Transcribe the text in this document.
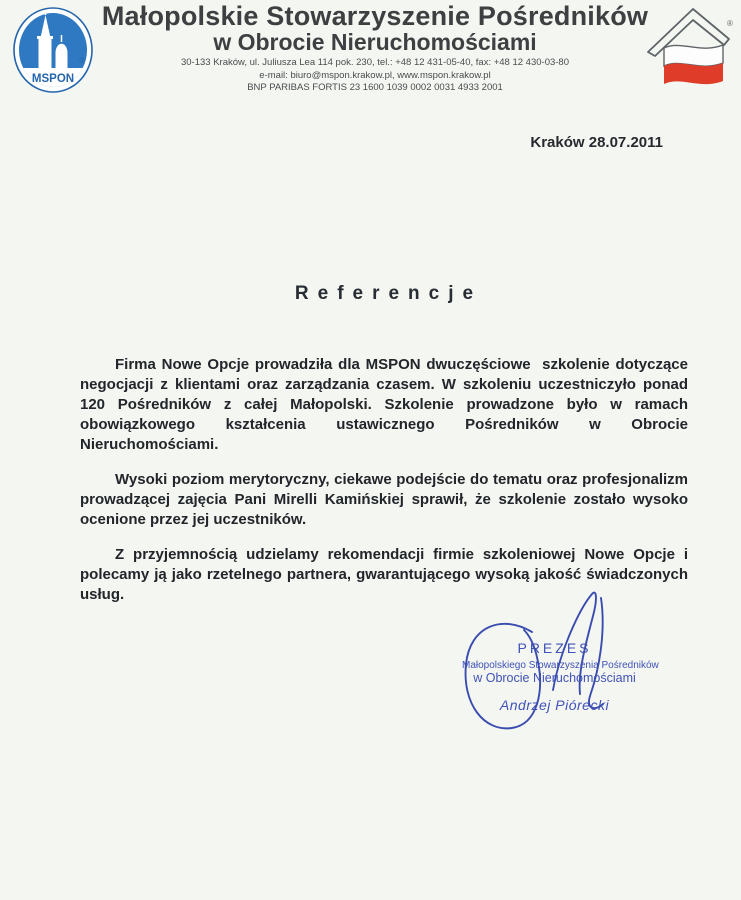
MSPON
®
®
Małopolskie Stowarzyszenie Pośredników
w Obrocie Nieruchomościami
30-133 Kraków, ul. Juliusza Lea 114 pok. 230, tel.: +48 12 431-05-40, fax: +48 12 430-03-80
e-mail: biuro@mspon.krakow.pl, www.mspon.krakow.pl
BNP PARIBAS FORTIS 23 1600 1039 0002 0031 4933 2001
Kraków 28.07.2011
Referencje

Firma Nowe Opcje prowadziła dla MSPON dwuczęściowe  szkolenie dotyczące negocjacji z klientami oraz zarządzania czasem. W szkoleniu uczestniczyło ponad 120 Pośredników z całej Małopolski. Szkolenie prowadzone było w ramach obowiązkowego kształcenia ustawicznego Pośredników w Obrocie Nieruchomościami.

Wysoki poziom merytoryczny, ciekawe podejście do tematu oraz profesjonalizm prowadzącej zajęcia Pani Mirelli Kamińskiej sprawił, że szkolenie zostało wysoko ocenione przez jej uczestników.

Z przyjemnością udzielamy rekomendacji firmie szkoleniowej Nowe Opcje i polecamy ją jako rzetelnego partnera, gwarantującego wysoką jakość świadczonych usług.

PREZES
Małopolskiego Stowarzyszenia Pośredników
w Obrocie Nieruchomościami
Andrzej Piórecki
